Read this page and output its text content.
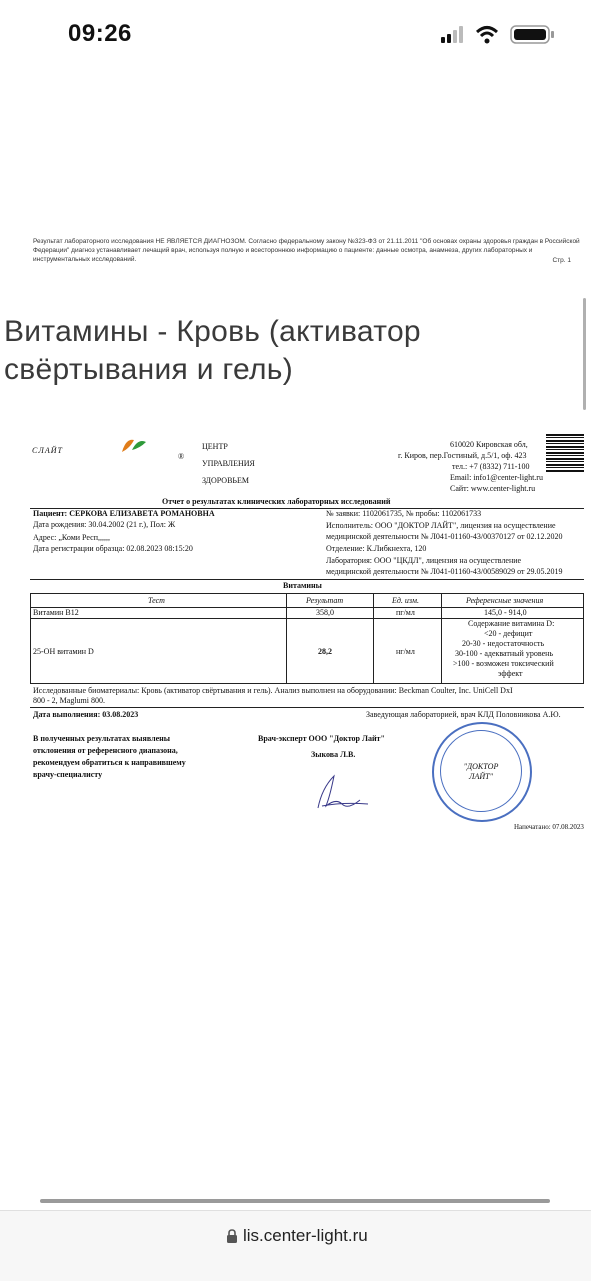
09:26
Результат лабораторного исследования НЕ ЯВЛЯЕТСЯ ДИАГНОЗОМ. Согласно федеральному закону №323-ФЗ от 21.11.2011 "Об основах охраны здоровья граждан в Российской Федерации" диагноз устанавливает лечащий врач, используя полную и всестороннюю информацию о пациенте: данные осмотра, анамнеза, других лабораторных и инструментальных исследований.	Стр. 1
Витамины - Кровь (активатор свёртывания и гель)
СЛАЙТ
®
ЦЕНТР
УПРАВЛЕНИЯ
ЗДОРОВЬЕМ
610020 Кировская обл,
г. Киров, пер.Гостиный, д.5/1, оф. 423
тел.: +7 (8332) 711-100
Email: info1@center-light.ru
Сайт: www.center-light.ru
Отчет о результатах клинических лабораторных исследований
Пациент: СЕРКОВА ЕЛИЗАВЕТА РОМАНОВНА
Дата рождения: 30.04.2002 (21 г.), Пол: Ж
Адрес: „Коми Респ,,,,,,
Дата регистрации образца: 02.08.2023 08:15:20
№ заявки: 1102061735, № пробы: 1102061733
Исполнитель: ООО "ДОКТОР ЛАЙТ", лицензия на осуществление
медицинской деятельности № Л041-01160-43/00370127 от 02.12.2020
Отделение: К.Либкнехта, 120
Лаборатория: ООО "ЦКДЛ", лицензия на осуществление
медицинской деятельности № Л041-01160-43/00589029 от 29.05.2019
Витамины
Тест	Результат	Ед. изм.	Референсные значения
Витамин B12	358,0	пг/мл	145,0 - 914,0
25-OH витамин D	28,2	нг/мл
Содержание витамина D:
<20 - дефицит
20-30 - недостаточность
30-100 - адекватный уровень
>100 - возможен токсический
эффект
Исследованные биоматериалы: Кровь (активатор свёртывания и гель). Анализ выполнен на оборудовании: Beckman Coulter, Inc. UniCell DxI
800 - 2, Maglumi 800.
Дата выполнения: 03.08.2023	Заведующая лабораторией, врач КЛД Половникова А.Ю.
В полученных результатах выявлены
отклонения от референсного диапазона,
рекомендуем обратиться к направившему
врачу-специалисту
Врач-эксперт ООО "Доктор Лайт"
Зыкова Л.В.
"ДОКТОР ЛАЙТ"
Напечатано: 07.08.2023
lis.center-light.ru
